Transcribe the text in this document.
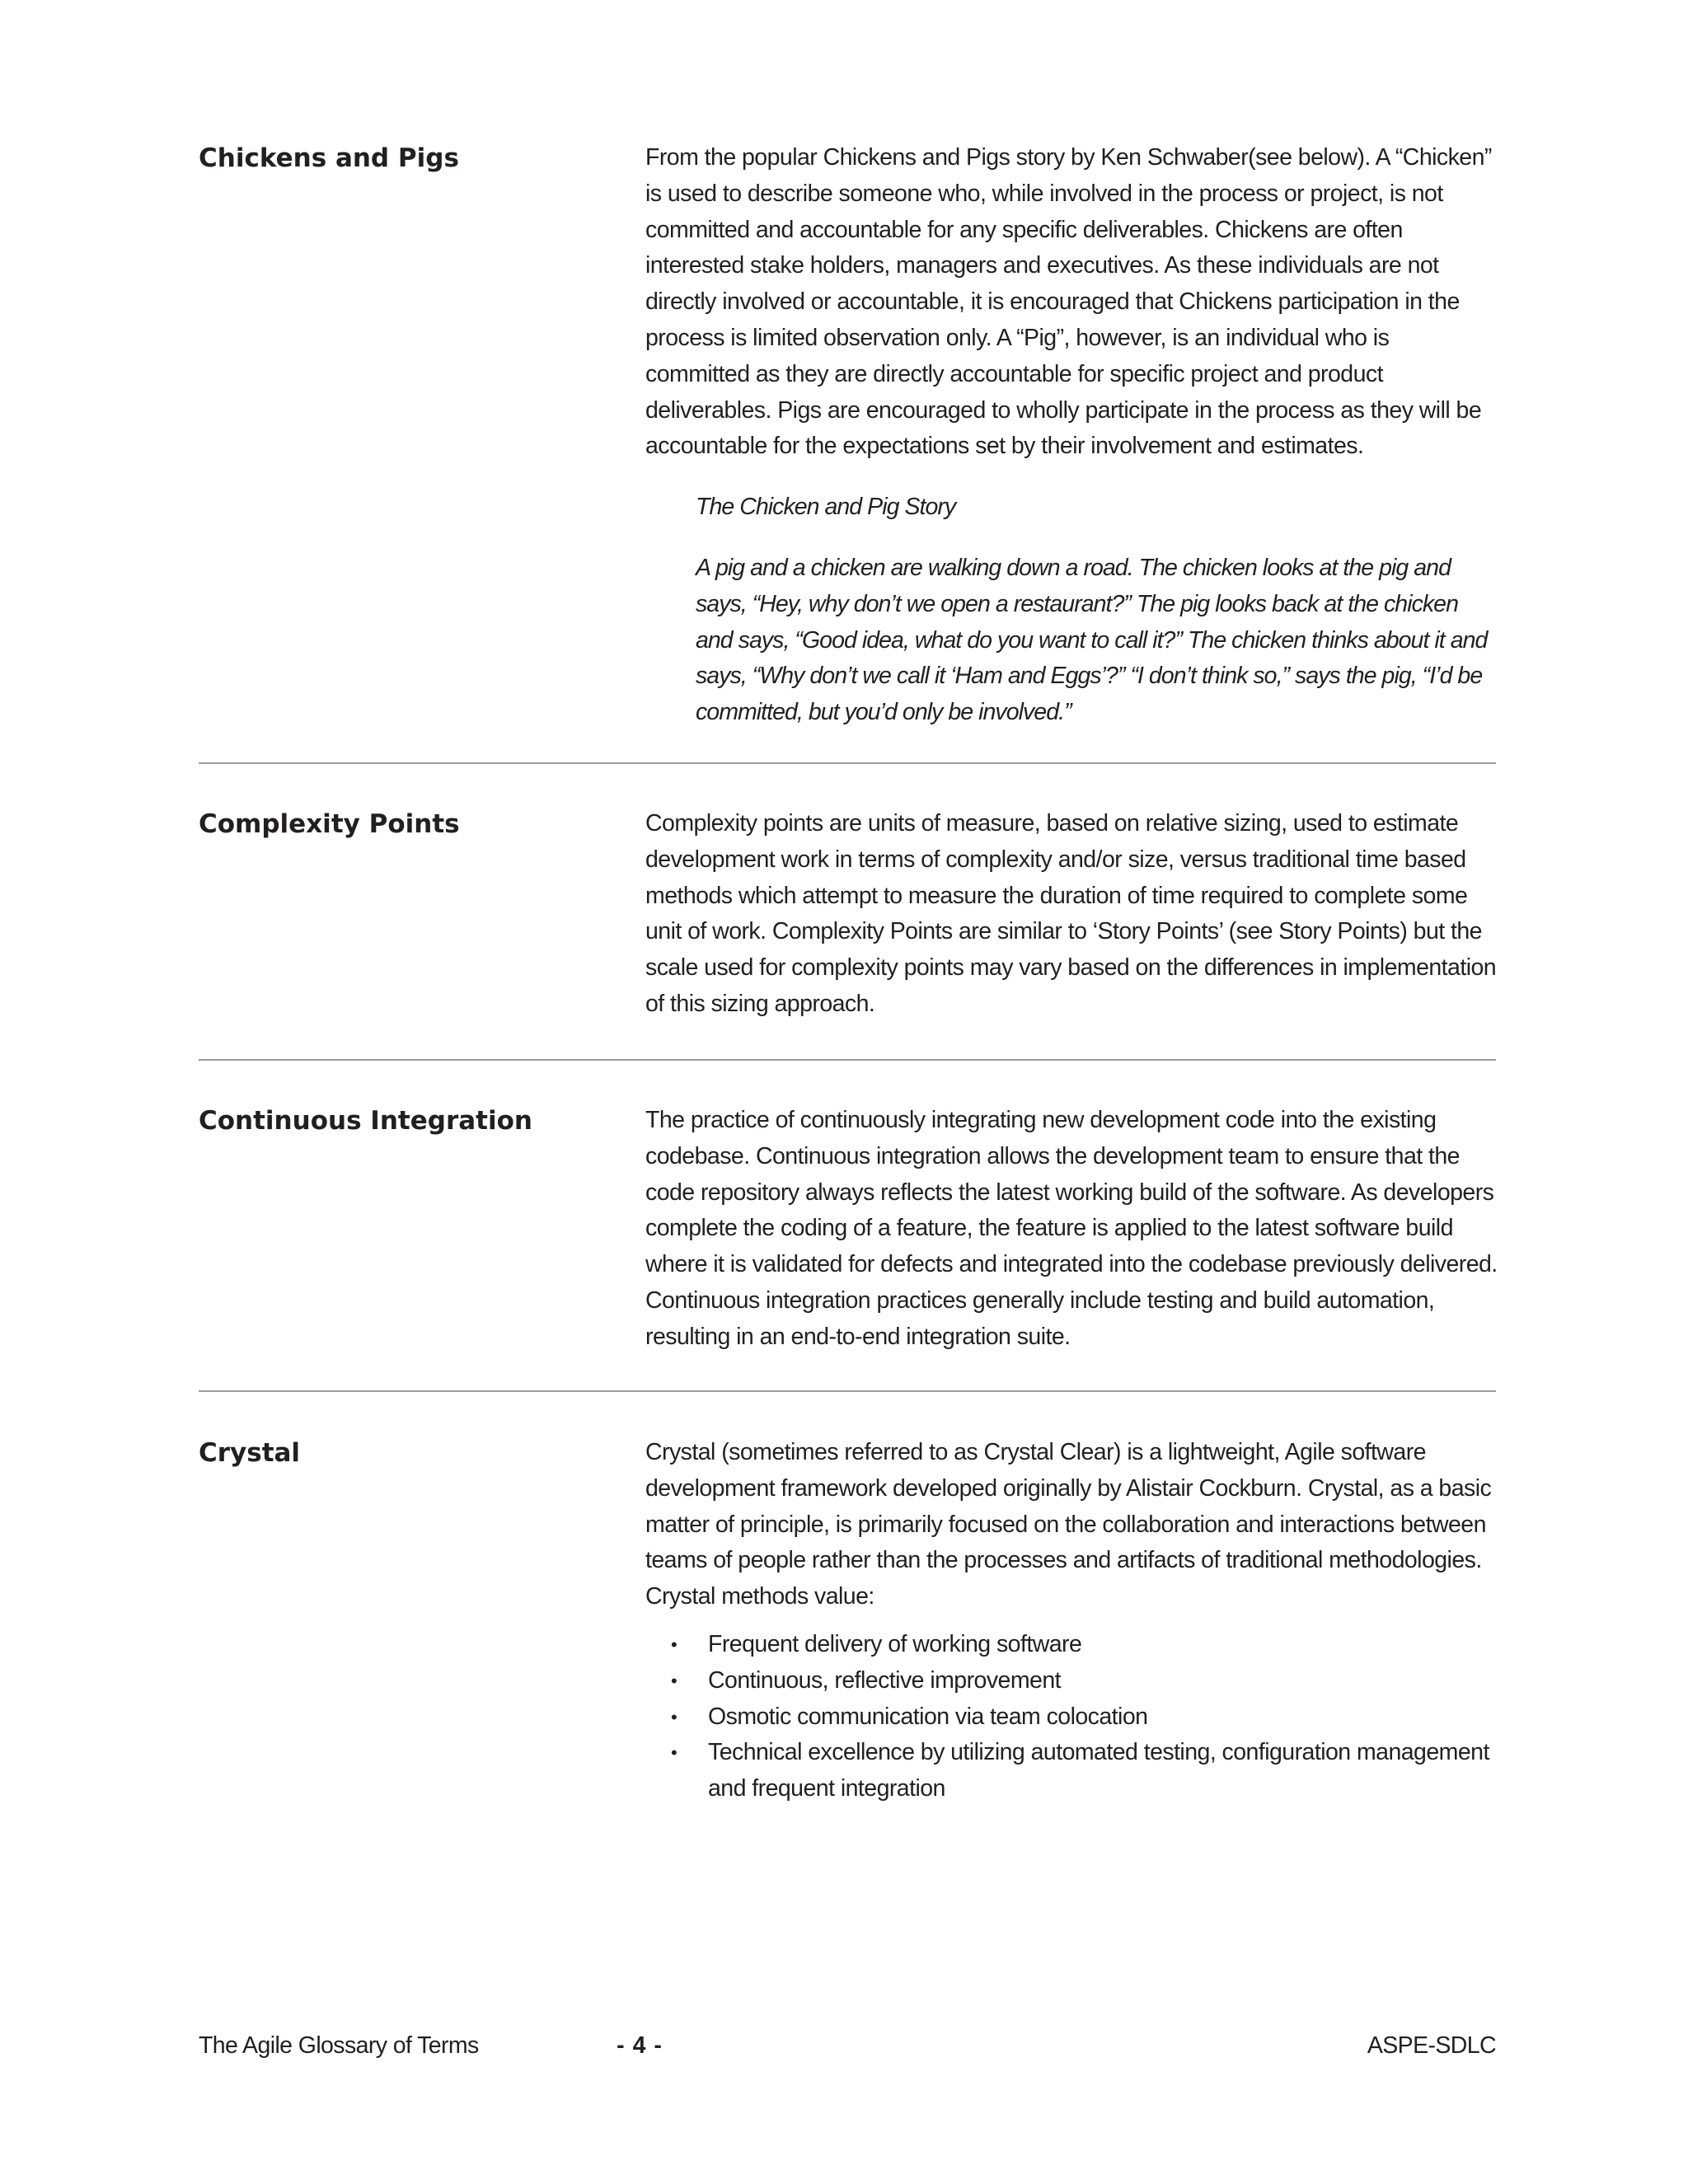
Chickens and Pigs	From the popular Chickens and Pigs story by Ken Schwaber(see below). A “Chicken” is used to describe someone who, while involved in the process or project, is not committed and accountable for any specific deliverables. Chickens are often interested stake holders, managers and executives. As these individuals are not directly involved or accountable, it is encouraged that Chickens participation in the process is limited observation only. A “Pig”, however, is an individual who is committed as they are directly accountable for specific project and product deliverables. Pigs are encouraged to wholly participate in the process as they will be accountable for the expectations set by their involvement and estimates.

The Chicken and Pig Story

A pig and a chicken are walking down a road. The chicken looks at the pig and says, “Hey, why don’t we open a restaurant?” The pig looks back at the chicken and says, “Good idea, what do you want to call it?” The chicken thinks about it and says, “Why don’t we call it ‘Ham and Eggs’?” “I don’t think so,” says the pig, “I’d be committed, but you’d only be involved.”

Complexity Points	Complexity points are units of measure, based on relative sizing, used to estimate development work in terms of complexity and/or size, versus traditional time based methods which attempt to measure the duration of time required to complete some unit of work. Complexity Points are similar to ‘Story Points’ (see Story Points) but the scale used for complexity points may vary based on the differences in implementation of this sizing approach.

Continuous Integration	The practice of continuously integrating new development code into the existing codebase. Continuous integration allows the development team to ensure that the code repository always reflects the latest working build of the software. As developers complete the coding of a feature, the feature is applied to the latest software build where it is validated for defects and integrated into the codebase previously delivered. Continuous integration practices generally include testing and build automation, resulting in an end-to-end integration suite.

Crystal	Crystal (sometimes referred to as Crystal Clear) is a lightweight, Agile software development framework developed originally by Alistair Cockburn. Crystal, as a basic matter of principle, is primarily focused on the collaboration and interactions between teams of people rather than the processes and artifacts of traditional methodologies. Crystal methods value:

• Frequent delivery of working software
• Continuous, reflective improvement
• Osmotic communication via team colocation
• Technical excellence by utilizing automated testing, configuration management and frequent integration
The Agile Glossary of Terms	- 4 -	ASPE-SDLC
